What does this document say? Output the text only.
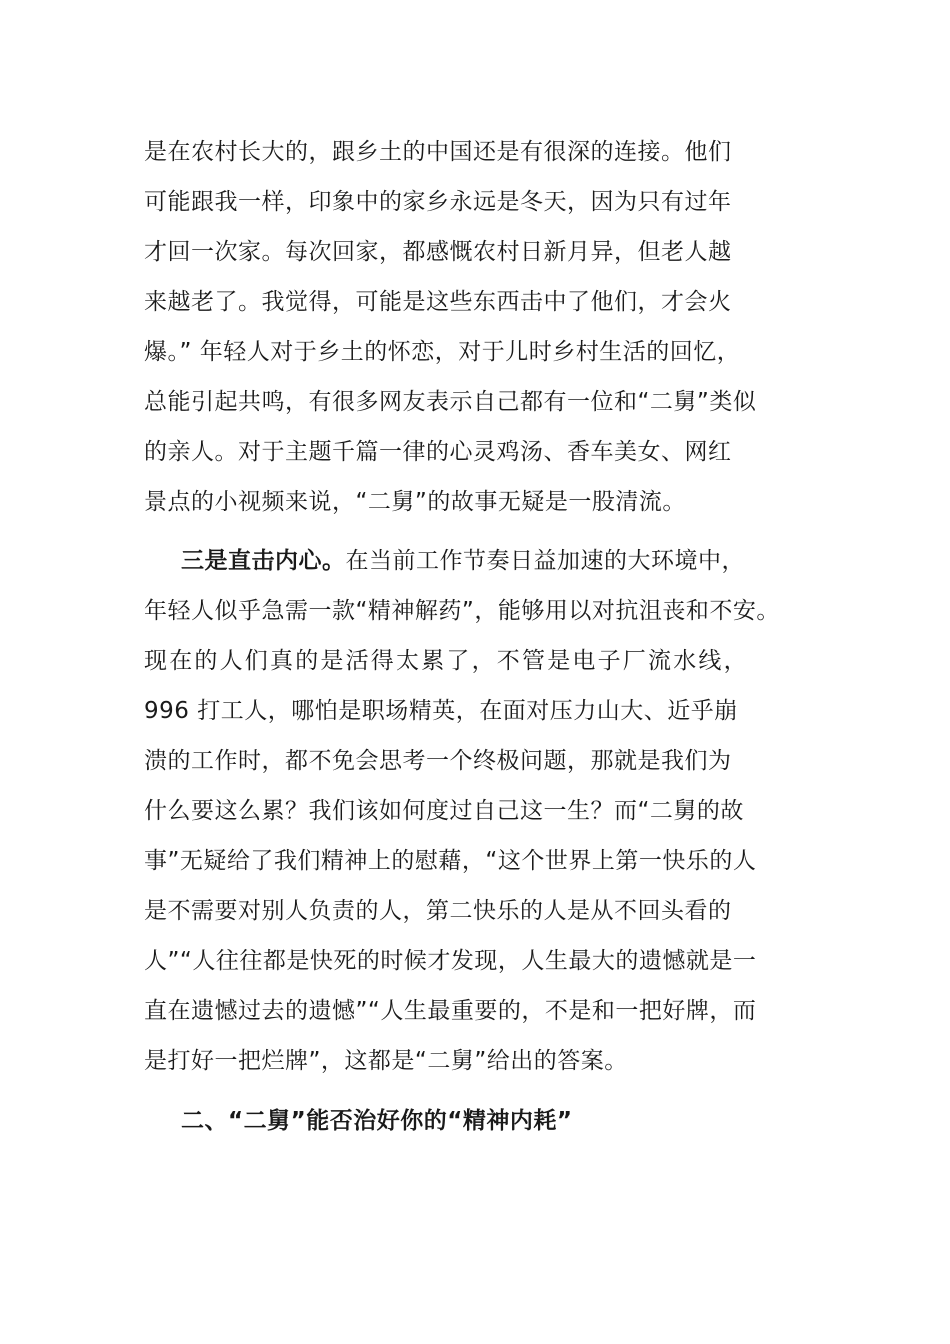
是在农村长大的，跟乡土的中国还是有很深的连接。他们
可能跟我一样，印象中的家乡永远是冬天，因为只有过年
才回一次家。每次回家，都感慨农村日新月异，但老人越
来越老了。我觉得，可能是这些东西击中了他们，才会火
爆。” 年轻人对于乡土的怀恋，对于儿时乡村生活的回忆，
总能引起共鸣，有很多网友表示自己都有一位和“二舅”类似
的亲人。对于主题千篇一律的心灵鸡汤、香车美女、网红
景点的小视频来说，“二舅”的故事无疑是一股清流。
三是直击内心。在当前工作节奏日益加速的大环境中，
年轻人似乎急需一款“精神解药”，能够用以对抗沮丧和不安。
现在的人们真的是活得太累了，不管是电子厂流水线，
996 打工人，哪怕是职场精英，在面对压力山大、近乎崩
溃的工作时，都不免会思考一个终极问题，那就是我们为
什么要这么累？我们该如何度过自己这一生？而“二舅的故
事”无疑给了我们精神上的慰藉，“这个世界上第一快乐的人
是不需要对别人负责的人，第二快乐的人是从不回头看的
人”“人往往都是快死的时候才发现，人生最大的遗憾就是一
直在遗憾过去的遗憾”“人生最重要的，不是和一把好牌，而
是打好一把烂牌”，这都是“二舅”给出的答案。
二、“二舅”能否治好你的“精神内耗”
